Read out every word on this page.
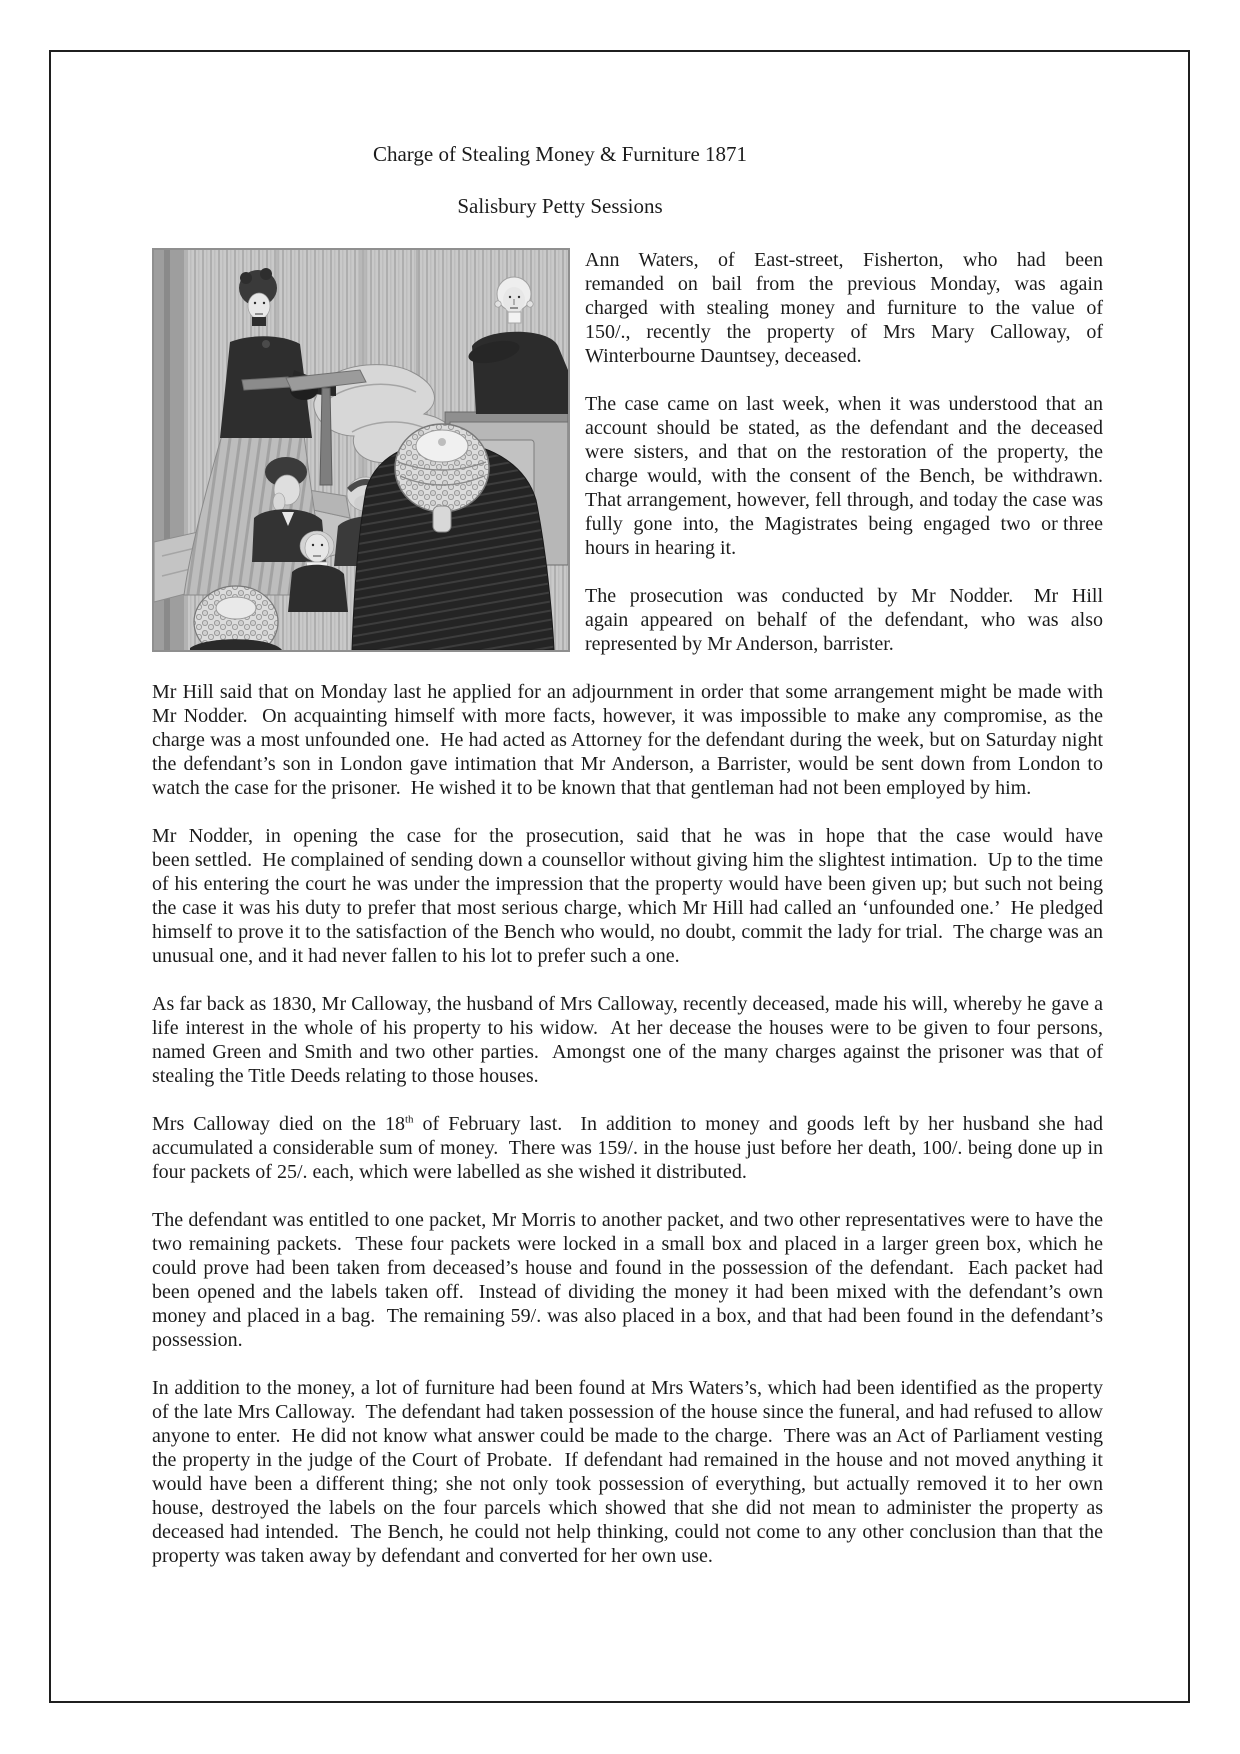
Charge of Stealing Money & Furniture 1871
Salisbury Petty Sessions

Ann  Waters,  of  East-street,  Fisherton,  who  had  been remanded  on  bail  from  the  previous  Monday,  was  again charged  with  stealing  money  and  furniture  to  the  value  of 150/.,  recently  the  property  of  Mrs  Mary  Calloway,  of Winterbourne Dauntsey, deceased.

The case came on last week, when it was understood that an account should be stated, as the defendant and the deceased were sisters, and that on the restoration of the property, the charge would, with the consent of the Bench, be withdrawn.  That arrangement, however, fell through, and today the case was  fully  gone  into,  the  Magistrates  being  engaged  two  or three hours in hearing it.

The  prosecution  was  conducted  by  Mr  Nodder.   Mr  Hill again  appeared  on  behalf  of  the  defendant,  who  was  also represented by Mr Anderson, barrister.

Mr Hill said that on Monday last he applied for an adjournment in order that some arrangement might be made with Mr Nodder.  On acquainting himself with more facts, however, it was impossible to make any compromise, as the charge was a most unfounded one.  He had acted as Attorney for the defendant during the week, but on Saturday night the defendant’s son in London gave intimation that Mr Anderson, a Barrister, would be sent down from London to watch the case for the prisoner.  He wished it to be known that that gentleman had not been employed by him.

Mr  Nodder,  in  opening  the  case  for  the  prosecution,  said  that  he  was  in  hope  that  the  case  would  have  been settled.  He complained of sending down a counsellor without giving him the slightest intimation.  Up to the time of his entering the court he was under the impression that the property would have been given up; but such not being the case it was his duty to prefer that most serious charge, which Mr Hill had called an ‘unfounded one.’  He pledged himself to prove it to the satisfaction of the Bench who would, no doubt, commit the lady for trial.  The charge was an unusual one, and it had never fallen to his lot to prefer such a one.

As far back as 1830, Mr Calloway, the husband of Mrs Calloway, recently deceased, made his will, whereby he gave a life interest in the whole of his property to his widow.  At her decease the houses were to be given to four persons, named Green and Smith and two other parties.  Amongst one of the many charges against the prisoner was that of stealing the Title Deeds relating to those houses.

Mrs Calloway died on the 18th of February last.  In addition to money and goods left by her husband she had accumulated a considerable sum of money.  There was 159/. in the house just before her death, 100/. being done up in four packets of 25/. each, which were labelled as she wished it distributed.

The defendant was entitled to one packet, Mr Morris to another packet, and two other representatives were to have the two remaining packets.  These four packets were locked in a small box and placed in a larger green box, which he could prove had been taken from deceased’s house and found in the possession of the defendant.  Each packet had been opened and the labels taken off.  Instead of dividing the money it had been mixed with the defendant’s own money and placed in a bag.  The remaining 59/. was also placed in a box, and that had been found in the defendant’s possession.

In addition to the money, a lot of furniture had been found at Mrs Waters’s, which had been identified as the property of the late Mrs Calloway.  The defendant had taken possession of the house since the funeral, and had refused to allow anyone to enter.  He did not know what answer could be made to the charge.  There was an Act of Parliament vesting the property in the judge of the Court of Probate.  If defendant had remained in the house and not moved anything it would have been a different thing; she not only took possession of everything, but actually removed it to her own house, destroyed the labels on the four parcels which showed that she did not mean to administer the property as deceased had intended.  The Bench, he could not help thinking, could not come to any other conclusion than that the property was taken away by defendant and converted for her own use.
